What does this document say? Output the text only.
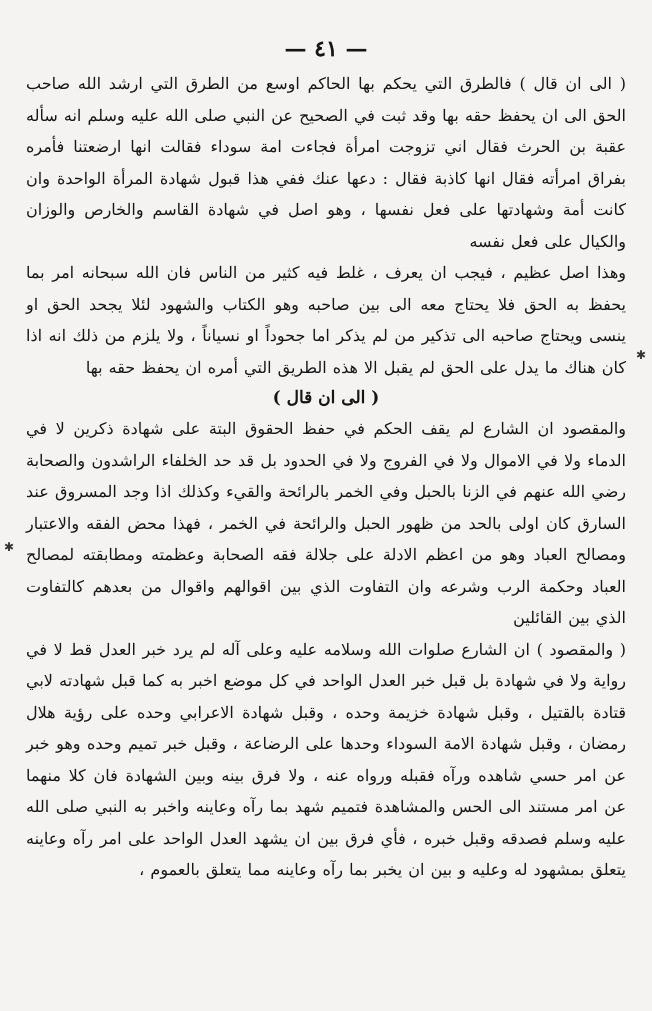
— ٤١ —

( الى ان قال ) فالطرق التي يحكم بها الحاكم اوسع من الطرق التي ارشد الله صاحب الحق الى ان يحفظ حقه بها وقد ثبت في الصحيح عن النبي صلى الله عليه وسلم انه سأله عقبة بن الحرث فقال اني تزوجت امرأة فجاءت امة سوداء فقالت انها ارضعتنا فأمره بفراق امرأته فقال انها كاذبة فقال : دعها عنك ففي هذا قبول شهادة المرأة الواحدة وان كانت أمة وشهادتها على فعل نفسها ، وهو اصل في شهادة القاسم والخارص والوزان والكيال على فعل نفسه

وهذا اصل عظيم ، فيجب ان يعرف ، غلط فيه كثير من الناس فان الله سبحانه امر بما يحفظ به الحق فلا يحتاج معه الى بين صاحبه وهو الكتاب والشهود لئلا يجحد الحق او ينسى ويحتاج صاحبه الى تذكير من لم يذكر اما جحوداً او نسياناً ، ولا يلزم من ذلك انه اذا كان هناك ما يدل على الحق لم يقبل الا هذه الطريق التي أمره ان يحفظ حقه بها

( الى ان قال )

والمقصود ان الشارع لم يقف الحكم في حفظ الحقوق البتة على شهادة ذكرين لا في الدماء ولا في الاموال ولا في الفروج ولا في الحدود بل قد حد الخلفاء الراشدون والصحابة رضي الله عنهم في الزنا بالحبل وفي الخمر بالرائحة والقيء وكذلك اذا وجد المسروق عند السارق كان اولى بالحد من ظهور الحبل والرائحة في الخمر ، فهذا محض الفقه والاعتبار ومصالح العباد وهو من اعظم الادلة على جلالة فقه الصحابة وعظمته ومطابقته لمصالح العباد وحكمة الرب وشرعه وان التفاوت الذي بين اقوالهم واقوال من بعدهم كالتفاوت الذي بين القائلين

( والمقصود ) ان الشارع صلوات الله وسلامه عليه وعلى آله لم يرد خبر العدل قط لا في رواية ولا في شهادة بل قبل خبر العدل الواحد في كل موضع اخبر به كما قبل شهادته لابي قتادة بالقتيل ، وقبل شهادة خزيمة وحده ، وقبل شهادة الاعرابي وحده على رؤية هلال رمضان ، وقبل شهادة الامة السوداء وحدها على الرضاعة ، وقبل خبر تميم وحده وهو خبر عن امر حسي شاهده ورآه فقبله ورواه عنه ، ولا فرق بينه وبين الشهادة فان كلا منهما عن امر مستند الى الحس والمشاهدة فتميم شهد بما رآه وعاينه واخبر به النبي صلى الله عليه وسلم فصدقه وقبل خبره ، فأي فرق بين ان يشهد العدل الواحد على امر رآه وعاينه يتعلق بمشهود له وعليه و بين ان يخبر بما رآه وعاينه مما يتعلق بالعموم ،

✱
✱
